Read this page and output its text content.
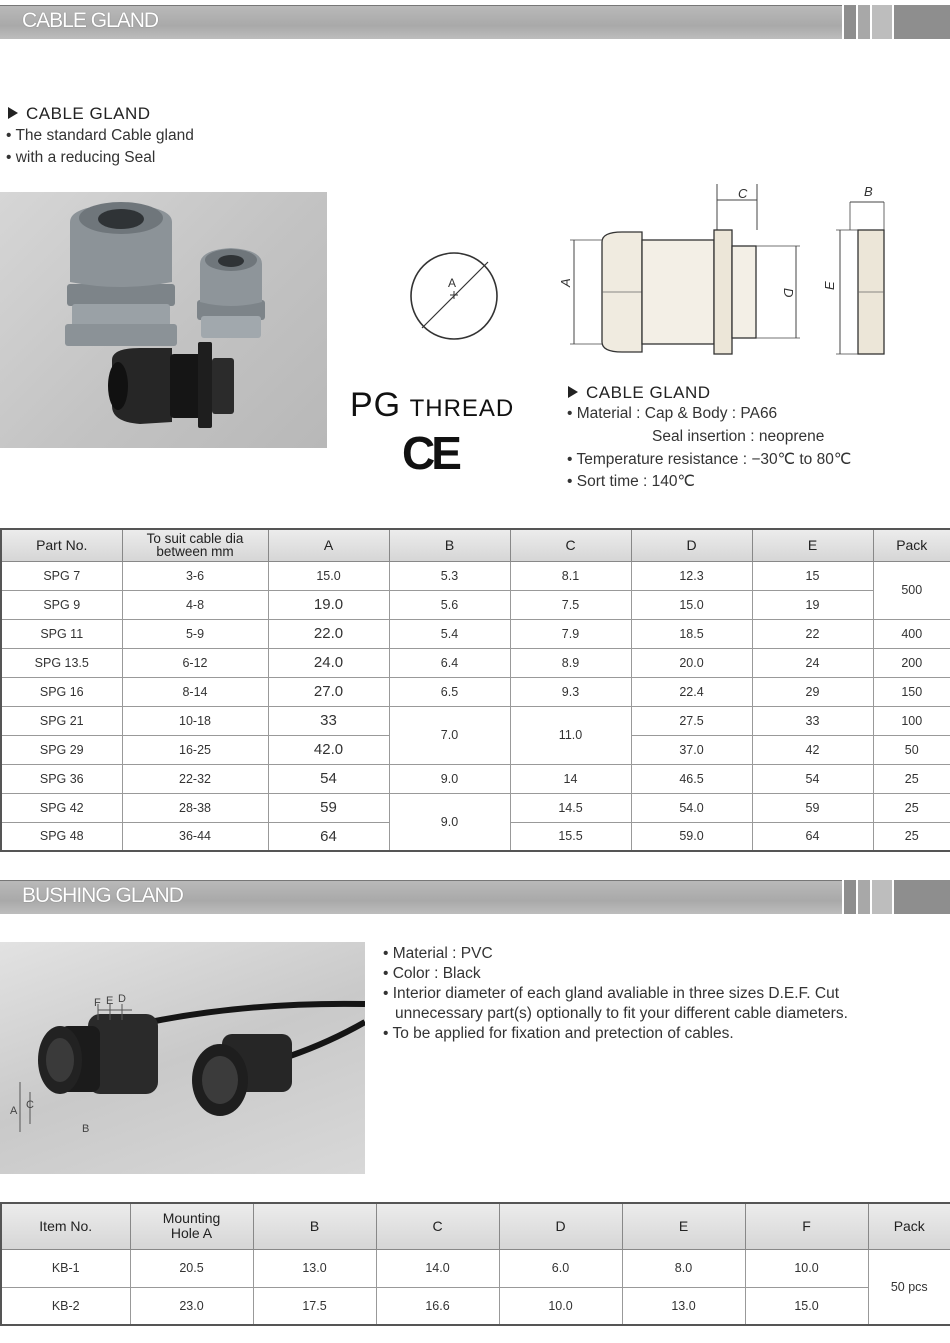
CABLE GLAND
CABLE GLAND
• The standard Cable gland
• with a reducing Seal
A
C
A
D
B
E
PG THREAD
CE
CABLE GLAND
• Material : Cap & Body : PA66
Seal insertion : neoprene
• Temperature resistance : −30℃ to 80℃
• Sort time : 140℃
Part No.	To suit cable dia between mm	A	B	C	D	E	Pack
SPG 7	3-6	15.0	5.3	8.1	12.3	15	500
SPG 9	4-8	19.0	5.6	7.5	15.0	19	
SPG 11	5-9	22.0	5.4	7.9	18.5	22	400
SPG 13.5	6-12	24.0	6.4	8.9	20.0	24	200
SPG 16	8-14	27.0	6.5	9.3	22.4	29	150
SPG 21	10-18	33	7.0	11.0	27.5	33	100
SPG 29	16-25	42.0			37.0	42	50
SPG 36	22-32	54	9.0	14	46.5	54	25
SPG 42	28-38	59	9.0	14.5	54.0	59	25
SPG 48	36-44	64		15.5	59.0	64	25
BUSHING GLAND
F E D
A C
B
• Material : PVC
• Color : Black
• Interior diameter of each gland avaliable in three sizes D.E.F. Cut
unnecessary part(s) optionally to fit your different cable diameters.
• To be applied for fixation and pretection of cables.
Item No.	Mounting Hole A	B	C	D	E	F	Pack
KB-1	20.5	13.0	14.0	6.0	8.0	10.0	50 pcs
KB-2	23.0	17.5	16.6	10.0	13.0	15.0	
